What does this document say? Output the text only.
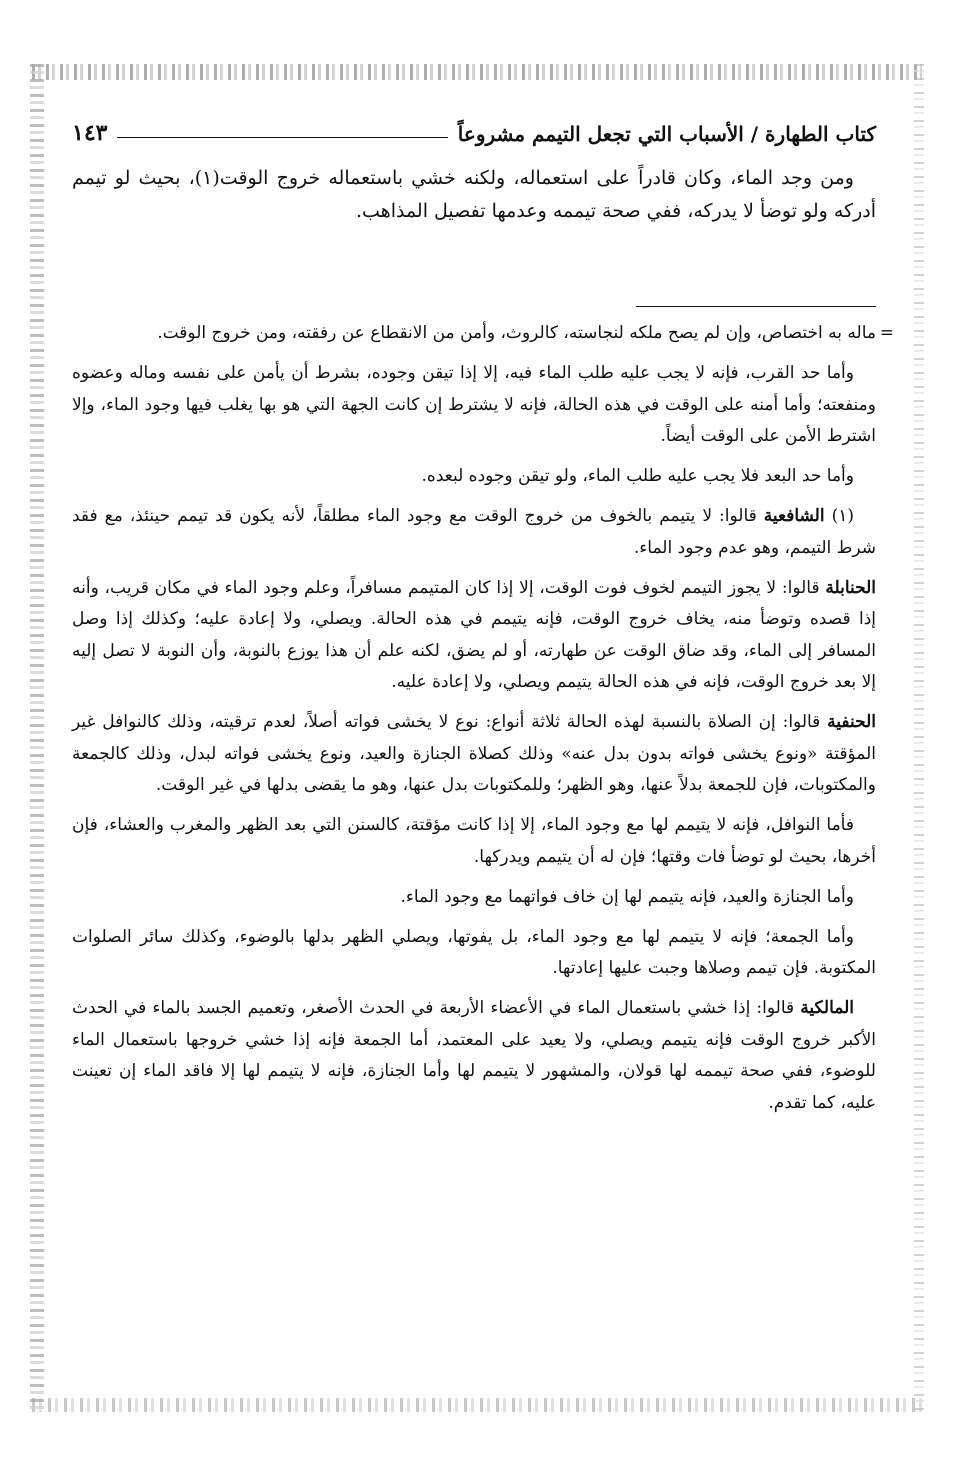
كتاب الطهارة / الأسباب التي تجعل التيمم مشروعاً
١٤٣

ومن وجد الماء، وكان قادراً على استعماله، ولكنه خشي باستعماله خروج الوقت(١)، بحيث لو تيمم أدركه ولو توضأ لا يدركه، ففي صحة تيممه وعدمها تفصيل المذاهب.

=
ماله به اختصاص، وإن لم يصح ملكه لنجاسته، كالروث، وأمن من الانقطاع عن رفقته، ومن خروج الوقت.

وأما حد القرب، فإنه لا يجب عليه طلب الماء فيه، إلا إذا تيقن وجوده، بشرط أن يأمن على نفسه وماله وعضوه ومنفعته؛ وأما أمنه على الوقت في هذه الحالة، فإنه لا يشترط إن كانت الجهة التي هو بها يغلب فيها وجود الماء، وإلا اشترط الأمن على الوقت أيضاً.

وأما حد البعد فلا يجب عليه طلب الماء، ولو تيقن وجوده لبعده.

(١) الشافعية قالوا: لا يتيمم بالخوف من خروج الوقت مع وجود الماء مطلقاً، لأنه يكون قد تيمم حينئذ، مع فقد شرط التيمم، وهو عدم وجود الماء.

الحنابلة قالوا: لا يجوز التيمم لخوف فوت الوقت، إلا إذا كان المتيمم مسافراً، وعلم وجود الماء في مكان قريب، وأنه إذا قصده وتوضأ منه، يخاف خروج الوقت، فإنه يتيمم في هذه الحالة. ويصلي، ولا إعادة عليه؛ وكذلك إذا وصل المسافر إلى الماء، وقد ضاق الوقت عن طهارته، أو لم يضق، لكنه علم أن هذا يوزع بالنوبة، وأن النوبة لا تصل إليه إلا بعد خروج الوقت، فإنه في هذه الحالة يتيمم ويصلي، ولا إعادة عليه.

الحنفية قالوا: إن الصلاة بالنسبة لهذه الحالة ثلاثة أنواع: نوع لا يخشى فواته أصلاً، لعدم ترقيته، وذلك كالنوافل غير المؤقتة «ونوع يخشى فواته بدون بدل عنه» وذلك كصلاة الجنازة والعيد، ونوع يخشى فواته لبدل، وذلك كالجمعة والمكتوبات، فإن للجمعة بدلاً عنها، وهو الظهر؛ وللمكتوبات بدل عنها، وهو ما يقضى بدلها في غير الوقت.

فأما النوافل، فإنه لا يتيمم لها مع وجود الماء، إلا إذا كانت مؤقتة، كالسنن التي بعد الظهر والمغرب والعشاء، فإن أخرها، بحيث لو توضأ فات وقتها؛ فإن له أن يتيمم ويدركها.

وأما الجنازة والعيد، فإنه يتيمم لها إن خاف فواتهما مع وجود الماء.

وأما الجمعة؛ فإنه لا يتيمم لها مع وجود الماء، بل يفوتها، ويصلي الظهر بدلها بالوضوء، وكذلك سائر الصلوات المكتوبة. فإن تيمم وصلاها وجبت عليها إعادتها.

المالكية قالوا: إذا خشي باستعمال الماء في الأعضاء الأربعة في الحدث الأصغر، وتعميم الجسد بالماء في الحدث الأكبر خروج الوقت فإنه يتيمم ويصلي، ولا يعيد على المعتمد، أما الجمعة فإنه إذا خشي خروجها باستعمال الماء للوضوء، ففي صحة تيممه لها قولان، والمشهور لا يتيمم لها وأما الجنازة، فإنه لا يتيمم لها إلا فاقد الماء إن تعينت عليه، كما تقدم.
